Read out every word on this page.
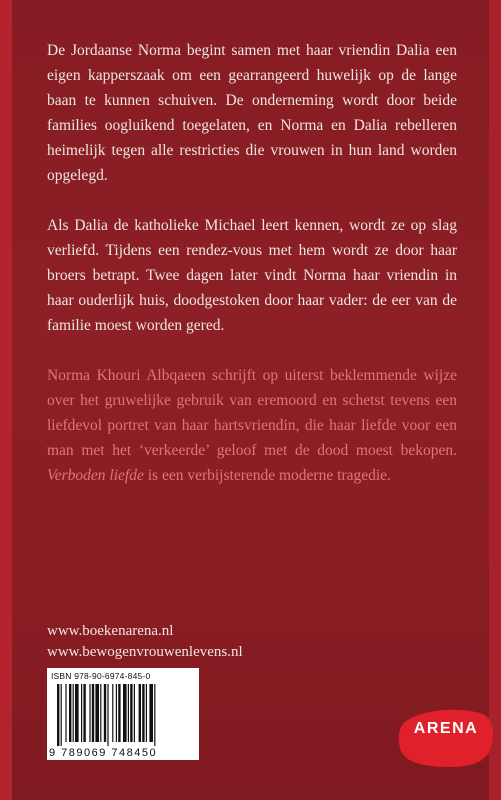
De Jordaanse Norma begint samen met haar vriendin Dalia een eigen kapperszaak om een gearrangeerd huwelijk op de lange baan te kunnen schuiven. De onderneming wordt door beide families oogluikend toegelaten, en Norma en Dalia rebelleren heimelijk tegen alle restricties die vrouwen in hun land worden opgelegd.

Als Dalia de katholieke Michael leert kennen, wordt ze op slag verliefd. Tijdens een rendez-vous met hem wordt ze door haar broers betrapt. Twee dagen later vindt Norma haar vriendin in haar ouderlijk huis, doodgestoken door haar vader: de eer van de familie moest worden gered.

Norma Khouri Albqaeen schrijft op uiterst beklemmende wijze over het gruwelijke gebruik van eremoord en schetst tevens een liefdevol portret van haar hartsvriendin, die haar liefde voor een man met het ‘verkeerde’ geloof met de dood moest bekopen. Verboden liefde is een verbijsterende moderne tragedie.

www.boekenarena.nl
www.bewogenvrouwenlevens.nl
ISBN 978-90-6974-845-0
9 789069 748450
ARENA
